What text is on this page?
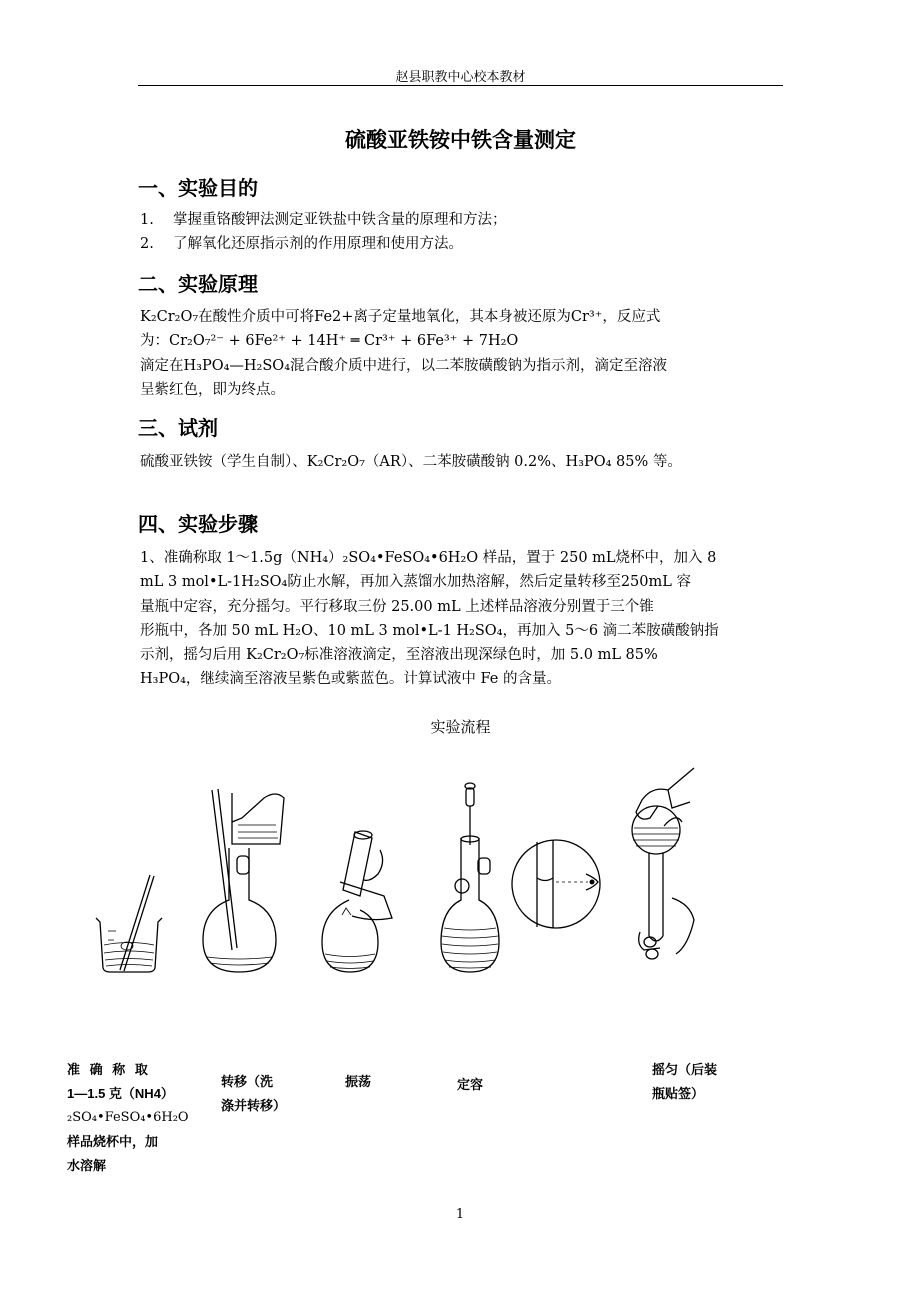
赵县职教中心校本教材
硫酸亚铁铵中铁含量测定
一、实验目的
1. 掌握重铬酸钾法测定亚铁盐中铁含量的原理和方法；
2. 了解氧化还原指示剂的作用原理和使用方法。
二、实验原理
K₂Cr₂O₇在酸性介质中可将Fe2+离子定量地氧化，其本身被还原为Cr³⁺，反应式
为：Cr₂O₇²⁻ + 6Fe²⁺ + 14H⁺ ═ Cr³⁺ + 6Fe³⁺ + 7H₂O
滴定在H₃PO₄—H₂SO₄混合酸介质中进行，以二苯胺磺酸钠为指示剂，滴定至溶液
呈紫红色，即为终点。
三、试剂
硫酸亚铁铵（学生自制）、K₂Cr₂O₇（AR）、二苯胺磺酸钠 0.2%、H₃PO₄ 85% 等。
四、实验步骤
1、准确称取 1～1.5g（NH₄）₂SO₄•FeSO₄•6H₂O 样品，置于 250 mL烧杯中，加入 8
mL 3 mol•L-1H₂SO₄防止水解，再加入蒸馏水加热溶解，然后定量转移至250mL 容
量瓶中定容，充分摇匀。平行移取三份 25.00 mL 上述样品溶液分别置于三个锥
形瓶中，各加 50 mL H₂O、10 mL 3 mol•L-1 H₂SO₄，再加入 5～6 滴二苯胺磺酸钠指
示剂，摇匀后用 K₂Cr₂O₇标准溶液滴定，至溶液出现深绿色时，加 5.0 mL 85%
H₃PO₄，继续滴至溶液呈紫色或紫蓝色。计算试液中 Fe 的含量。
实验流程
准 确 称 取
1—1.5 克（NH4）
₂SO₄•FeSO₄•6H₂O
样品烧杯中，加
水溶解
转移（洗
涤并转移）
振荡	定容
摇匀（后装
瓶贴签）
1
